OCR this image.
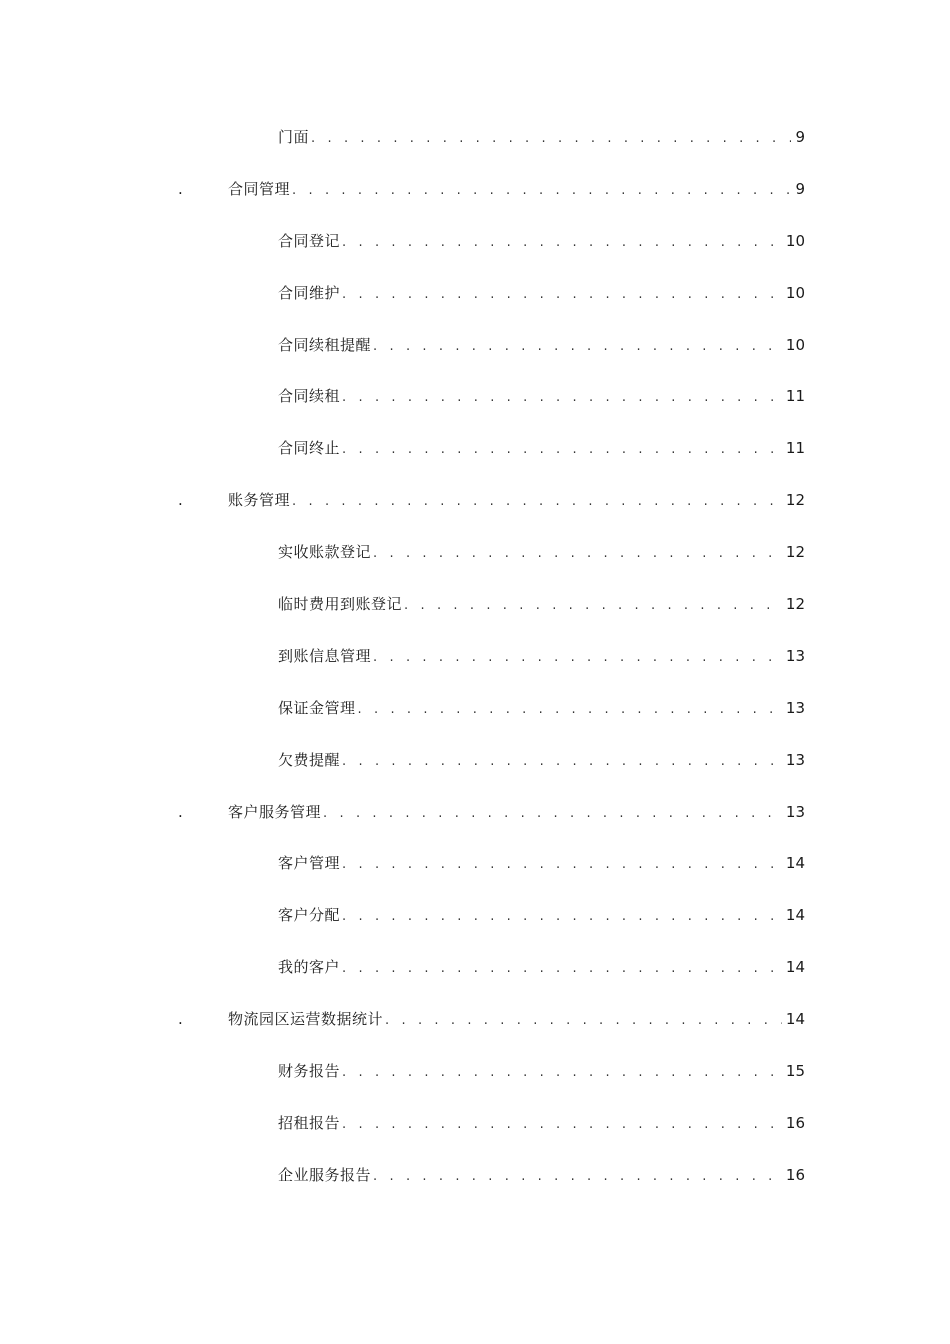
门面 . . .	9
.	合同管理 . . .	9
合同登记 . . .	10
合同维护 . . .	10
合同续租提醒 . . .	10
合同续租 . . .	11
合同终止 . . .	11
.	账务管理 . . .	12
实收账款登记 . . .	12
临时费用到账登记 . . .	12
到账信息管理 . . .	13
保证金管理 . . .	13
欠费提醒 . . .	13
.	客户服务管理 . . .	13
客户管理 . . .	14
客户分配 . . .	14
我的客户 . . .	14
.	物流园区运营数据统计 . . .	14
财务报告 . . .	15
招租报告 . . .	16
企业服务报告 . . .	16
